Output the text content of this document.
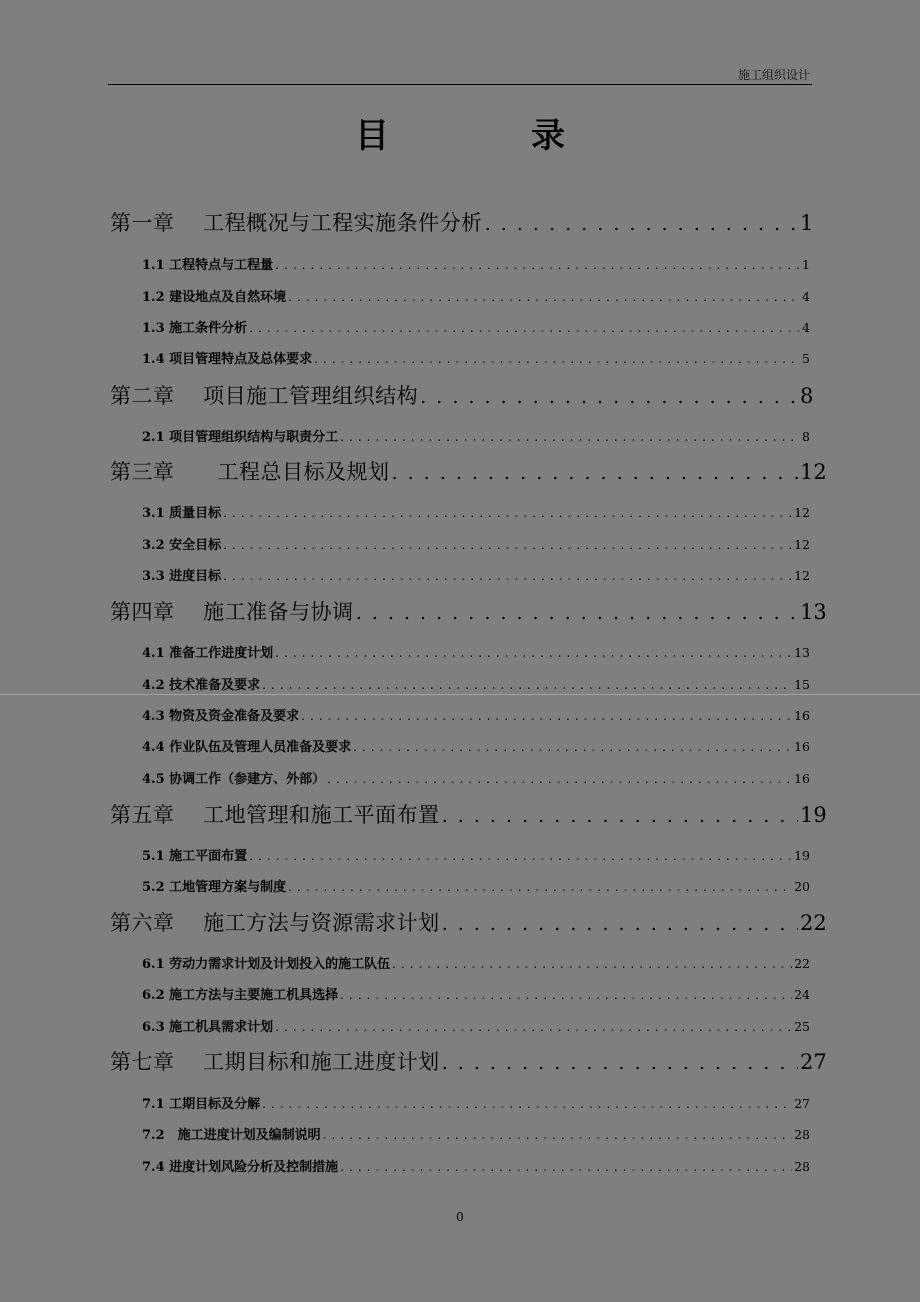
施工组织设计
目　录
第一章　 工程概况与工程实施条件分析 . . .	1
1.1 工程特点与工程量 . . .	1
1.2 建设地点及自然环境 . . .	4
1.3 施工条件分析 . . .	4
1.4 项目管理特点及总体要求 . . .	5
第二章　 项目施工管理组织结构 . . .	8
2.1 项目管理组织结构与职责分工 . . .	8
第三章　　工程总目标及规划 . . .	12
3.1 质量目标 . . .	12
3.2 安全目标 . . .	12
3.3 进度目标 . . .	12
第四章　 施工准备与协调 . . .	13
4.1 准备工作进度计划 . . .	13
4.2 技术准备及要求 . . .	15
4.3 物资及资金准备及要求 . . .	16
4.4 作业队伍及管理人员准备及要求 . . .	16
4.5 协调工作（参建方、外部） . . .	16
第五章　 工地管理和施工平面布置 . . .	19
5.1 施工平面布置 . . .	19
5.2 工地管理方案与制度 . . .	20
第六章　 施工方法与资源需求计划 . . .	22
6.1 劳动力需求计划及计划投入的施工队伍 . . .	22
6.2 施工方法与主要施工机具选择 . . .	24
6.3 施工机具需求计划 . . .	25
第七章　 工期目标和施工进度计划 . . .	27
7.1 工期目标及分解 . . .	27
7.2　施工进度计划及编制说明 . . .	28
7.4 进度计划风险分析及控制措施 . . .	28
0
